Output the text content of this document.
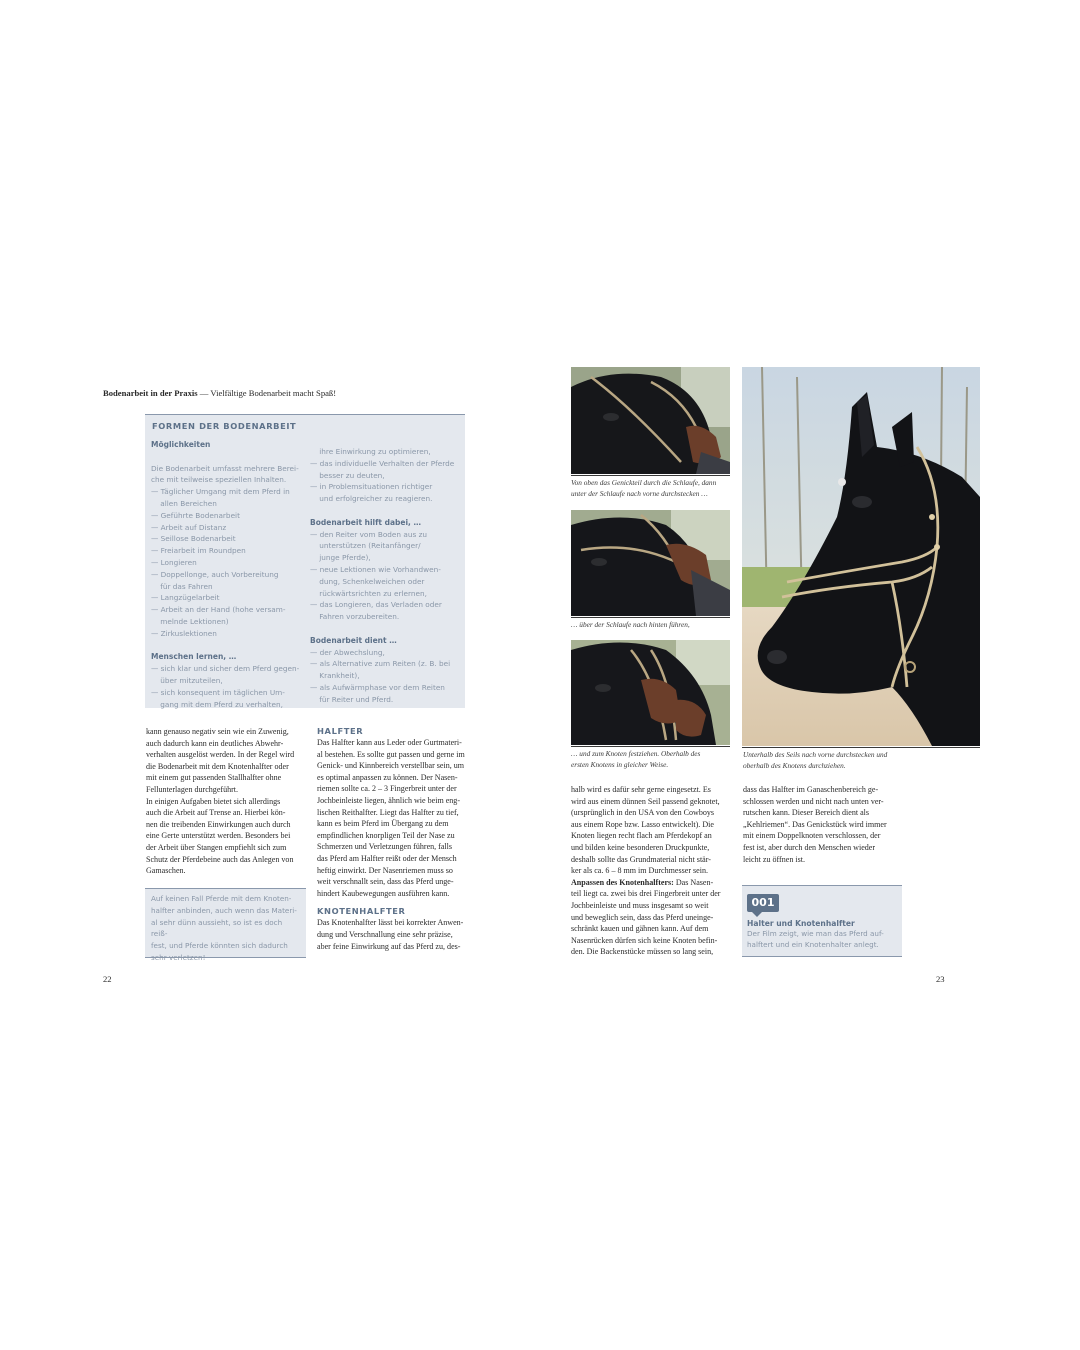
Bodenarbeit in der Praxis — Vielfältige Bodenarbeit macht Spaß!
FORMEN DER BODENARBEIT
Möglichkeiten
Die Bodenarbeit umfasst mehrere Berei-
che mit teilweise speziellen Inhalten.
— Täglicher Umgang mit dem Pferd in
allen Bereichen
— Geführte Bodenarbeit
— Arbeit auf Distanz
— Seillose Bodenarbeit
— Freiarbeit im Roundpen
— Longieren
— Doppellonge, auch Vorbereitung
für das Fahren
— Langzügelarbeit
— Arbeit an der Hand (hohe versam-
melnde Lektionen)
— Zirkuslektionen
Menschen lernen, …
— sich klar und sicher dem Pferd gegen-
über mitzuteilen,
— sich konsequent im täglichen Um-
gang mit dem Pferd zu verhalten,
ihre Einwirkung zu optimieren,
— das individuelle Verhalten der Pferde
besser zu deuten,
— in Problemsituationen richtiger
und erfolgreicher zu reagieren.
Bodenarbeit hilft dabei, …
— den Reiter vom Boden aus zu
unterstützen (Reitanfänger/
junge Pferde),
— neue Lektionen wie Vorhandwen-
dung, Schenkelweichen oder
rückwärtsrichten zu erlernen,
— das Longieren, das Verladen oder
Fahren vorzubereiten.
Bodenarbeit dient …
— der Abwechslung,
— als Alternative zum Reiten (z. B. bei
Krankheit),
— als Aufwärmphase vor dem Reiten
für Reiter und Pferd.
kann genauso negativ sein wie ein Zuwenig,
auch dadurch kann ein deutliches Abwehr-
verhalten ausgelöst werden. In der Regel wird
die Bodenarbeit mit dem Knotenhalfter oder
mit einem gut passenden Stallhalfter ohne
Fellunterlagen durchgeführt.
In einigen Aufgaben bietet sich allerdings
auch die Arbeit auf Trense an. Hierbei kön-
nen die treibenden Einwirkungen auch durch
eine Gerte unterstützt werden. Besonders bei
der Arbeit über Stangen empfiehlt sich zum
Schutz der Pferdebeine auch das Anlegen von
Gamaschen.
Auf keinen Fall Pferde mit dem Knoten-
halfter anbinden, auch wenn das Materi-
al sehr dünn aussieht, so ist es doch reiß-
fest, und Pferde könnten sich dadurch
sehr verletzen!
HALFTER
Das Halfter kann aus Leder oder Gurtmateri-
al bestehen. Es sollte gut passen und gerne im
Genick- und Kinnbereich verstellbar sein, um
es optimal anpassen zu können. Der Nasen-
riemen sollte ca. 2 – 3 Fingerbreit unter der
Jochbeinleiste liegen, ähnlich wie beim eng-
lischen Reithalfter. Liegt das Halfter zu tief,
kann es beim Pferd im Übergang zu dem
empfindlichen knorpligen Teil der Nase zu
Schmerzen und Verletzungen führen, falls
das Pferd am Halfter reißt oder der Mensch
heftig einwirkt. Der Nasenriemen muss so
weit verschnallt sein, dass das Pferd unge-
hindert Kaubewegungen ausführen kann.
KNOTENHALFTER
Das Knotenhalfter lässt bei korrekter Anwen-
dung und Verschnallung eine sehr präzise,
aber feine Einwirkung auf das Pferd zu, des-
22
Von oben das Genickteil durch die Schlaufe, dann
unter der Schlaufe nach vorne durchstecken …
… über der Schlaufe nach hinten führen,
… und zum Knoten festziehen. Oberhalb des
ersten Knotens in gleicher Weise.
Unterhalb des Seils nach vorne durchstecken und
oberhalb des Knotens durchziehen.
halb wird es dafür sehr gerne eingesetzt. Es
wird aus einem dünnen Seil passend geknotet,
(ursprünglich in den USA von den Cowboys
aus einem Rope bzw. Lasso entwickelt). Die
Knoten liegen recht flach am Pferdekopf an
und bilden keine besonderen Druckpunkte,
deshalb sollte das Grundmaterial nicht stär-
ker als ca. 6 – 8 mm im Durchmesser sein.
Anpassen des Knotenhalfters: Das Nasen-
teil liegt ca. zwei bis drei Fingerbreit unter der
Jochbeinleiste und muss insgesamt so weit
und beweglich sein, dass das Pferd uneinge-
schränkt kauen und gähnen kann. Auf dem
Nasenrücken dürfen sich keine Knoten befin-
den. Die Backenstücke müssen so lang sein,
dass das Halfter im Ganaschenbereich ge-
schlossen werden und nicht nach unten ver-
rutschen kann. Dieser Bereich dient als
„Kehlriemen“. Das Genickstück wird immer
mit einem Doppelknoten verschlossen, der
fest ist, aber durch den Menschen wieder
leicht zu öffnen ist.
001
Halter und Knotenhalfter
Der Film zeigt, wie man das Pferd auf-
halftert und ein Knotenhalter anlegt.
23
